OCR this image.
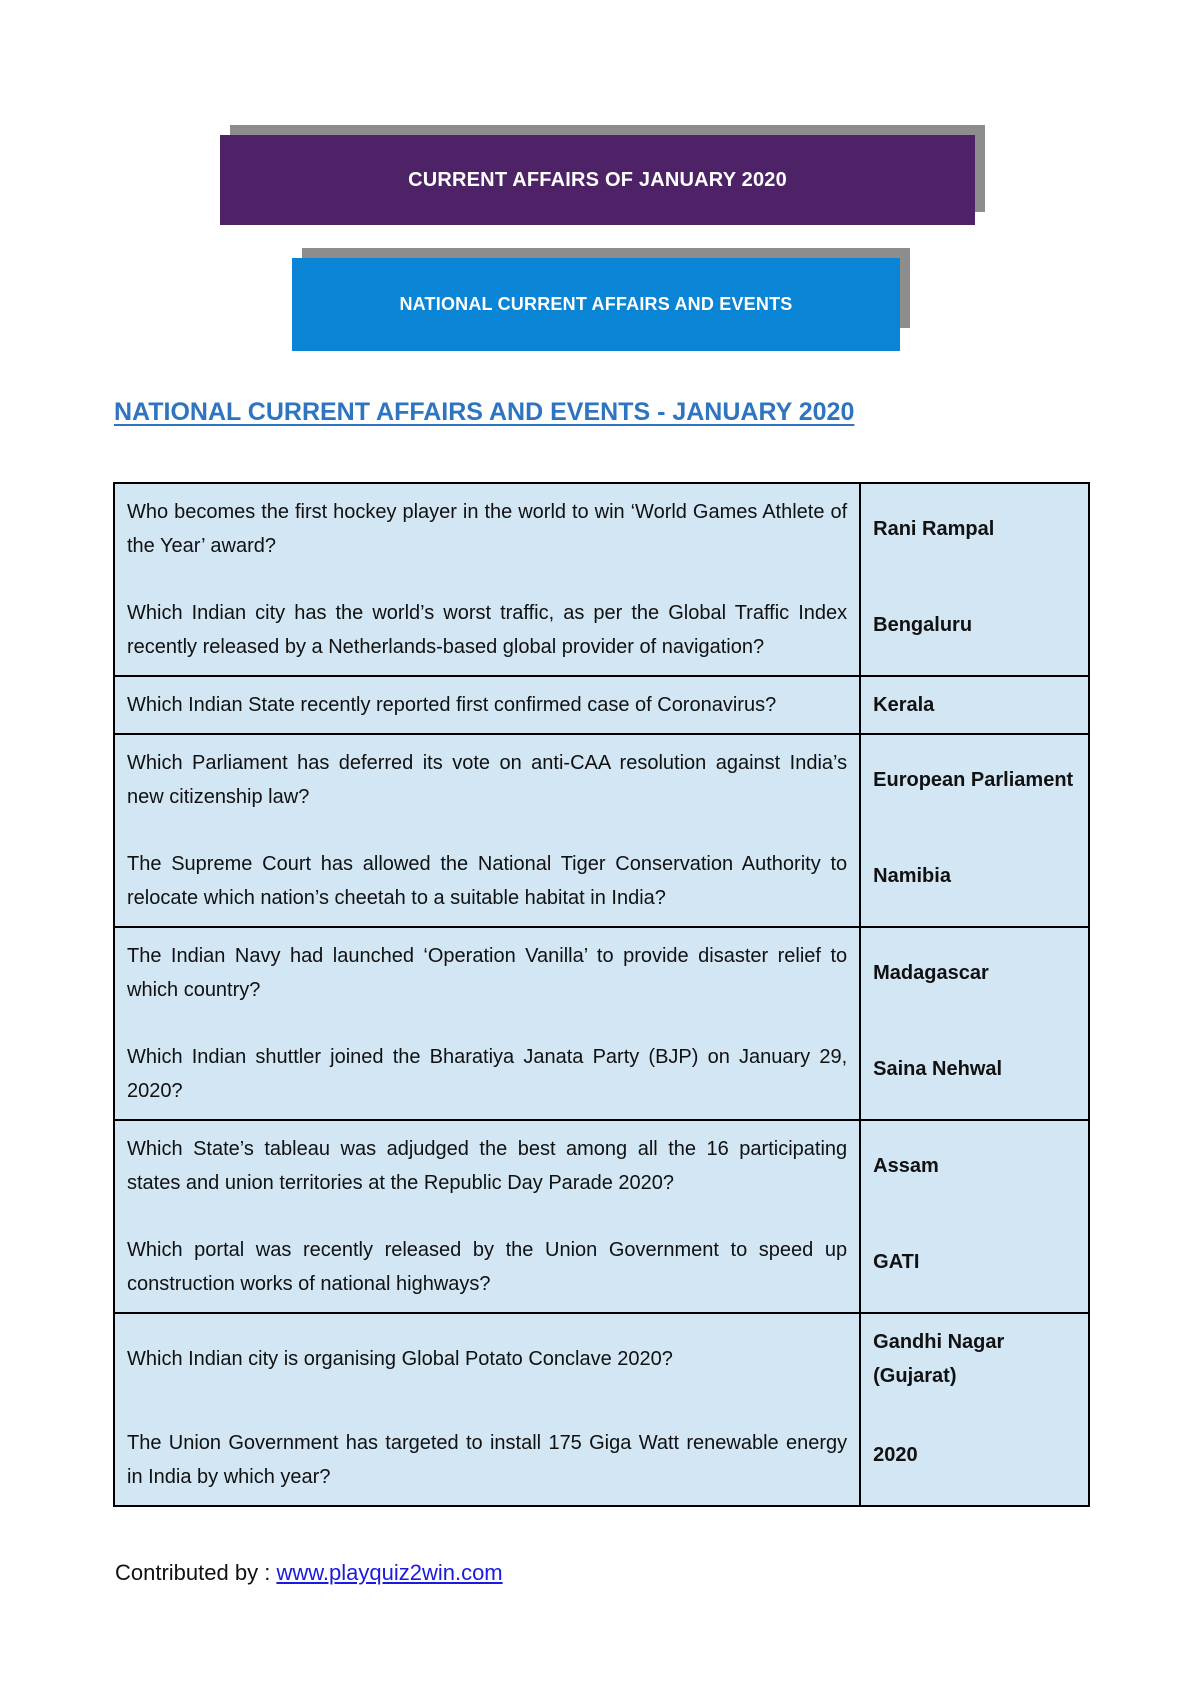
CURRENT AFFAIRS OF JANUARY 2020
NATIONAL CURRENT AFFAIRS AND EVENTS
NATIONAL CURRENT AFFAIRS AND EVENTS - JANUARY 2020
Who becomes the first hockey player in the world to win ‘World Games Athlete of the Year’ award?	Rani Rampal
Which Indian city has the world’s worst traffic, as per the Global Traffic Index recently released by a Netherlands-based global provider of navigation?	Bengaluru
Which Indian State recently reported first confirmed case of Coronavirus?	Kerala
Which Parliament has deferred its vote on anti-CAA resolution against India’s new citizenship law?	European Parliament
The Supreme Court has allowed the National Tiger Conservation Authority to relocate which nation’s cheetah to a suitable habitat in India?	Namibia
The Indian Navy had launched ‘Operation Vanilla’ to provide disaster relief to which country?	Madagascar
Which Indian shuttler joined the Bharatiya Janata Party (BJP) on January 29, 2020?	Saina Nehwal
Which State’s tableau was adjudged the best among all the 16 participating states and union territories at the Republic Day Parade 2020?	Assam
Which portal was recently released by the Union Government to speed up construction works of national highways?	GATI
Which Indian city is organising Global Potato Conclave 2020?	Gandhi Nagar (Gujarat)
The Union Government has targeted to install 175 Giga Watt renewable energy in India by which year?	2020
Contributed by : www.playquiz2win.com
